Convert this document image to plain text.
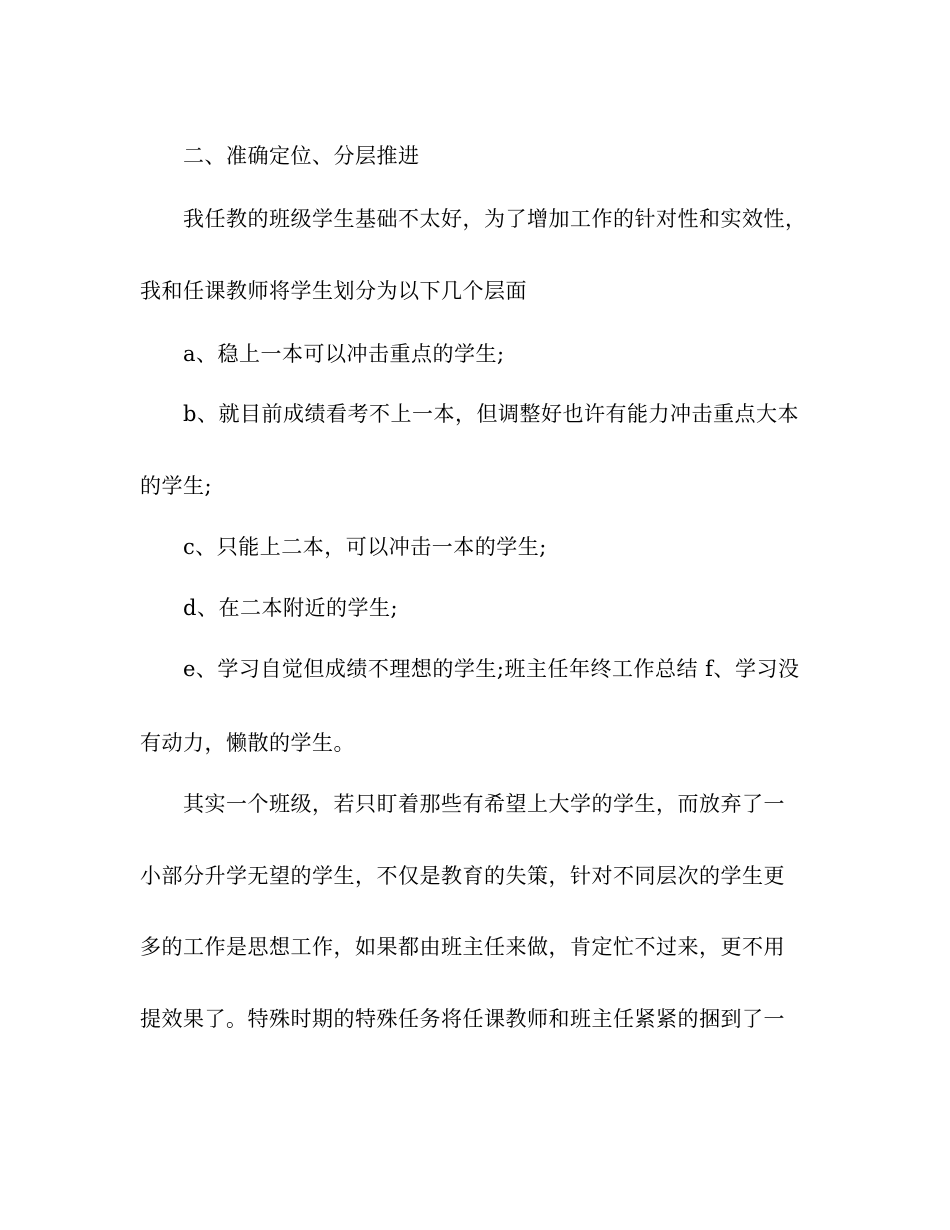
二、准确定位、分层推进
我任教的班级学生基础不太好，为了增加工作的针对性和实效性，
我和任课教师将学生划分为以下几个层面
a、稳上一本可以冲击重点的学生;
b、就目前成绩看考不上一本，但调整好也许有能力冲击重点大本
的学生;
c、只能上二本，可以冲击一本的学生;
d、在二本附近的学生;
e、学习自觉但成绩不理想的学生;班主任年终工作总结 f、学习没
有动力，懒散的学生。
其实一个班级，若只盯着那些有希望上大学的学生，而放弃了一
小部分升学无望的学生，不仅是教育的失策，针对不同层次的学生更
多的工作是思想工作，如果都由班主任来做，肯定忙不过来，更不用
提效果了。特殊时期的特殊任务将任课教师和班主任紧紧的捆到了一
